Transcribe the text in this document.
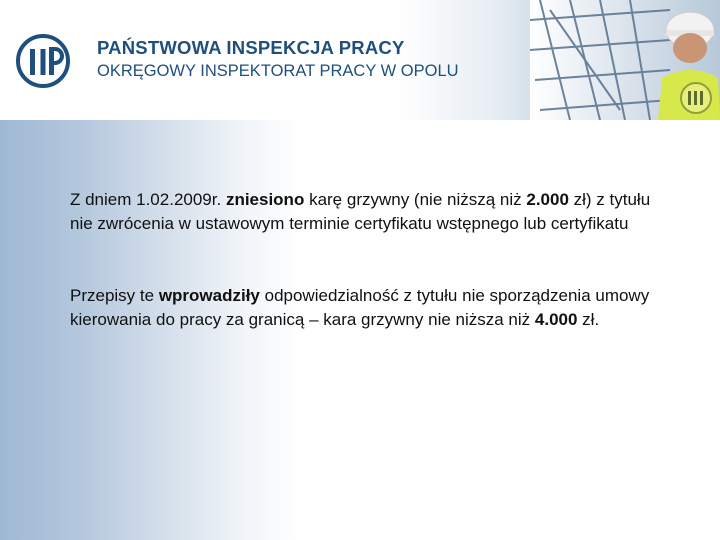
PAŃSTWOWA INSPEKCJA PRACY
OKRĘGOWY INSPEKTORAT PRACY W OPOLU

Z dniem 1.02.2009r. zniesiono karę grzywny (nie niższą niż 2.000 zł) z tytułu nie zwrócenia w ustawowym terminie certyfikatu wstępnego lub certyfikatu

Przepisy te wprowadziły odpowiedzialność z tytułu nie sporządzenia umowy kierowania do pracy za granicą – kara grzywny nie niższa niż 4.000 zł.
